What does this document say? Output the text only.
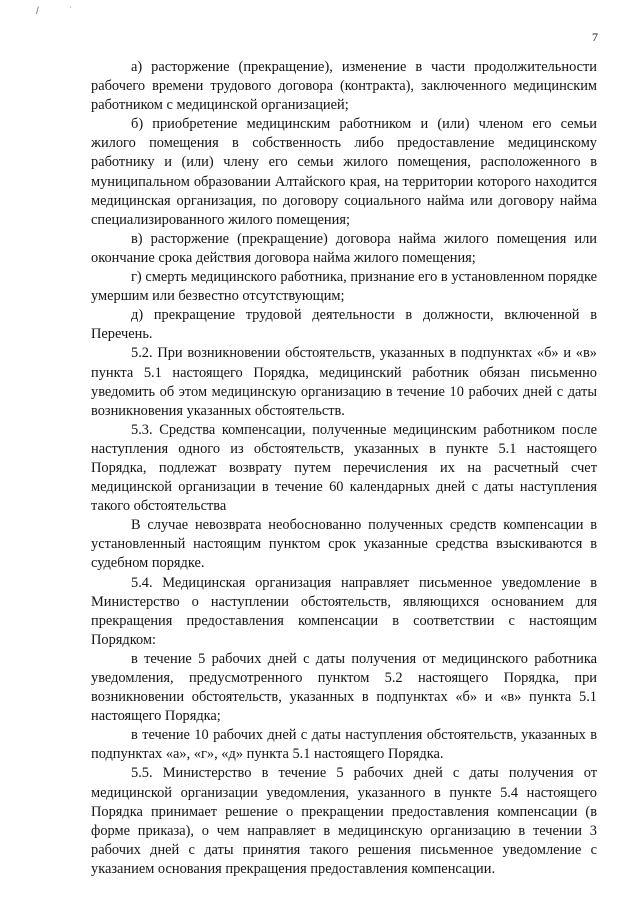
/ ˙
7

а) расторжение (прекращение), изменение в части продолжительности рабочего времени трудового договора (контракта), заключенного медицинским работником с медицинской организацией;

б) приобретение медицинским работником и (или) членом его семьи жилого помещения в собственность либо предоставление медицинскому работнику и (или) члену его семьи жилого помещения, расположенного в муниципальном образовании Алтайского края, на территории которого находится медицинская организация, по договору социального найма или договору найма специализированного жилого помещения;

в) расторжение (прекращение) договора найма жилого помещения или окончание срока действия договора найма жилого помещения;

г) смерть медицинского работника, признание его в установленном порядке умершим или безвестно отсутствующим;

д) прекращение трудовой деятельности в должности, включенной в Перечень.

5.2. При возникновении обстоятельств, указанных в подпунктах «б» и «в» пункта 5.1 настоящего Порядка, медицинский работник обязан письменно уведомить об этом медицинскую организацию в течение 10 рабочих дней с даты возникновения указанных обстоятельств.

5.3. Средства компенсации, полученные медицинским работником после наступления одного из обстоятельств, указанных в пункте 5.1 настоящего Порядка, подлежат возврату путем перечисления их на расчетный счет медицинской организации в течение 60 календарных дней с даты наступления такого обстоятельства

В случае невозврата необоснованно полученных средств компенсации в установленный настоящим пунктом срок указанные средства взыскиваются в судебном порядке.

5.4. Медицинская организация направляет письменное уведомление в Министерство о наступлении обстоятельств, являющихся основанием для прекращения предоставления компенсации в соответствии с настоящим Порядком:

в течение 5 рабочих дней с даты получения от медицинского работника уведомления, предусмотренного пунктом 5.2 настоящего Порядка, при возникновении обстоятельств, указанных в подпунктах «б» и «в» пункта 5.1 настоящего Порядка;

в течение 10 рабочих дней с даты наступления обстоятельств, указанных в подпунктах «а», «г», «д» пункта 5.1 настоящего Порядка.

5.5. Министерство в течение 5 рабочих дней с даты получения от медицинской организации уведомления, указанного в пункте 5.4 настоящего Порядка принимает решение о прекращении предоставления компенсации (в форме приказа), о чем направляет в медицинскую организацию в течении 3 рабочих дней с даты принятия такого решения письменное уведомление с указанием основания прекращения предоставления компенсации.
